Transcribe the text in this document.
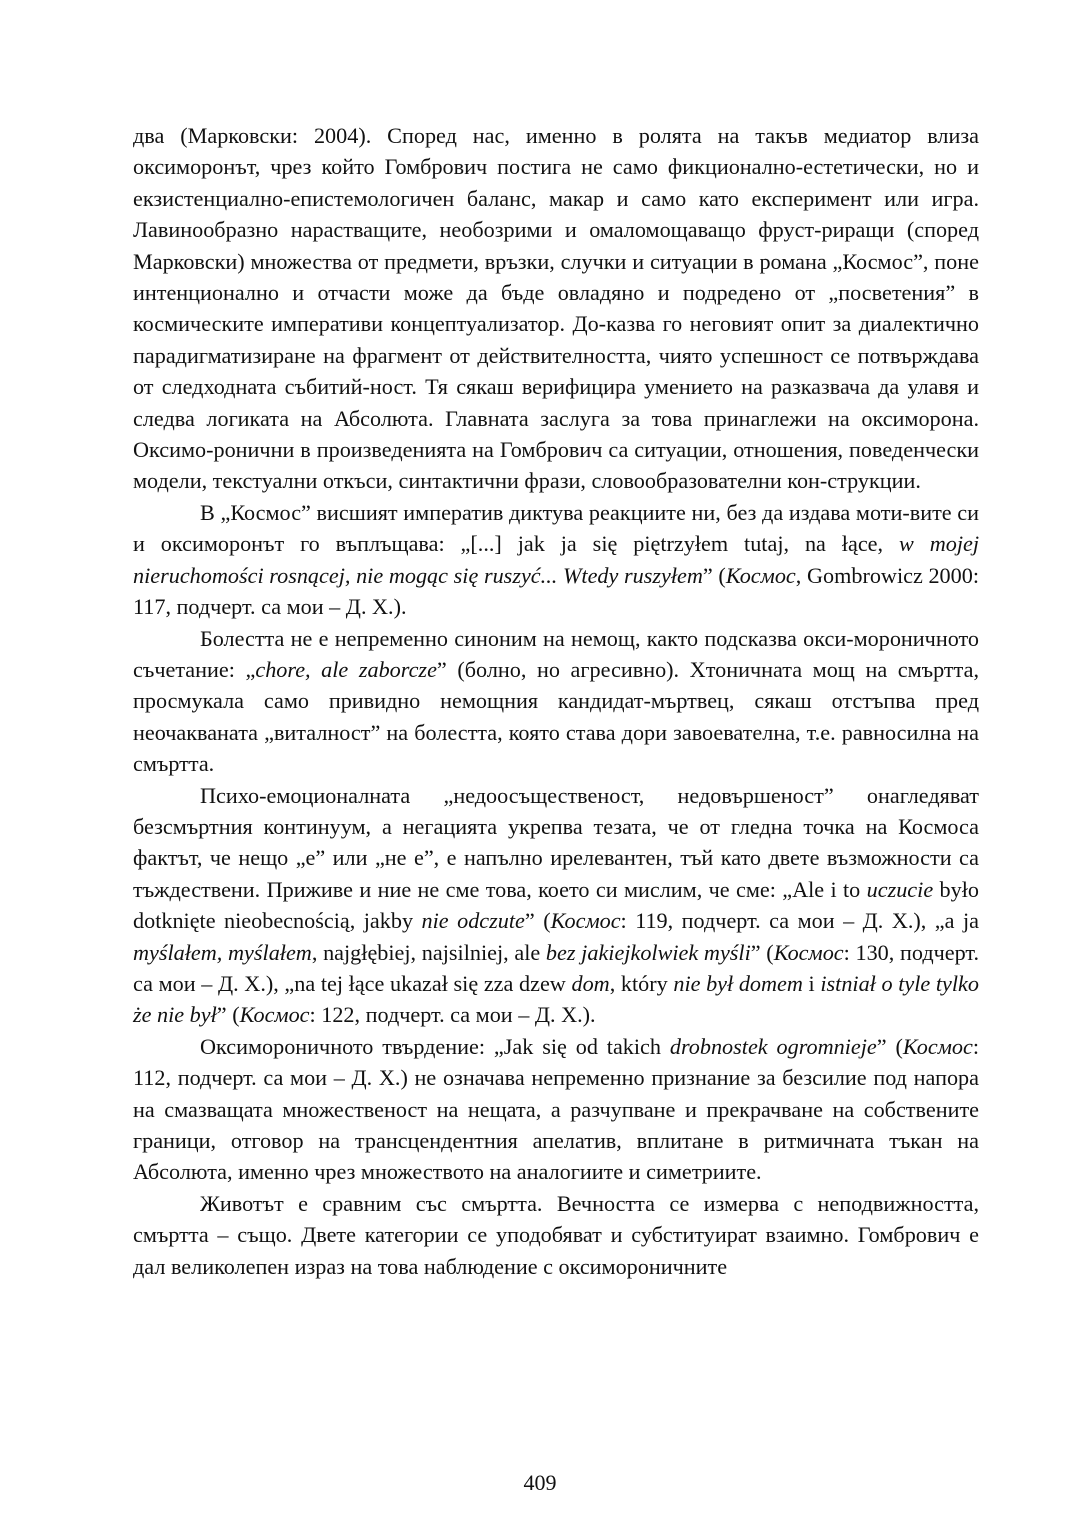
два (Марковски: 2004). Според нас, именно в ролята на такъв медиатор влиза оксиморонът, чрез който Гомбрович постига не само фикционално-естетически, но и екзистенциално-епистемологичен баланс, макар и само като експеримент или игра. Лавинообразно нарастващите, необозрими и омаломощаващо фруст-риращи (според Марковски) множества от предмети, връзки, случки и ситуации в романа „Космос”, поне интенционално и отчасти може да бъде овладяно и подредено от „посветения” в космическите императиви концептуализатор. До-казва го неговият опит за диалектично парадигматизиране на фрагмент от действителността, чиято успешност се потвърждава от следходната събитий-ност. Тя сякаш верифицира умението на разказвача да улавя и следва логиката на Абсолюта. Главната заслуга за това принаглежи на оксиморона. Оксимо-ронични в произведенията на Гомбрович са ситуации, отношения, поведенчески модели, текстуални откъси, синтактични фрази, словообразователни кон-струкции.

В „Космос” висшият императив диктува реакциите ни, без да издава моти-вите си и оксиморонът го въплъщава: „[...] jak ja się piętrzyłem tutaj, na łące, w mojej nieruchomości rosnącej, nie mogąc się ruszyć... Wtedy ruszyłem” (Космос, Gombrowicz 2000: 117, подчерт. са мои – Д. Х.).

Болестта не е непременно синоним на немощ, както подсказва окси-мороничното съчетание: „chore, ale zaborcze” (болно, но агресивно). Хтоничната мощ на смъртта, просмукала само привидно немощния кандидат-мъртвец, сякаш отстъпва пред неочакваната „виталност” на болестта, която става дори завоевателна, т.е. равносилна на смъртта.

Психо-емоционалната „недоосъщественост, недовършеност” онагледяват безсмъртния континуум, а негацията укрепва тезата, че от гледна точка на Космоса фактът, че нещо „е” или „не е”, е напълно ирелевантен, тъй като двете възможности са тъждествени. Приживе и ние не сме това, което си мислим, че сме: „Ale i to uczucie było dotknięte nieobecnością, jakby nie odczute” (Космос: 119, подчерт. са мои – Д. Х.), „a ja myślałem, myślałem, najgłębiej, najsilniej, ale bez jakiejkolwiek myśli” (Космос: 130, подчерт. са мои – Д. Х.), „na tej łące ukazał się zza dzew dom, który nie był domem i istniał o tyle tylko że nie był” (Космос: 122, подчерт. са мои – Д. Х.).

Оксимороничното твърдение: „Jak się od takich drobnostek ogromnieje” (Космос: 112, подчерт. са мои – Д. Х.) не означава непременно признание за безсилие под напора на смазващата множественост на нещата, а разчупване и прекрачване на собствените граници, отговор на трансцендентния апелатив, вплитане в ритмичната тъкан на Абсолюта, именно чрез множеството на аналогиите и симетриите.

Животът е сравним със смъртта. Вечността се измерва с неподвижността, смъртта – също. Двете категории се уподобяват и субституират взаимно. Гомбрович е дал великолепен израз на това наблюдение с оксимороничните

409
